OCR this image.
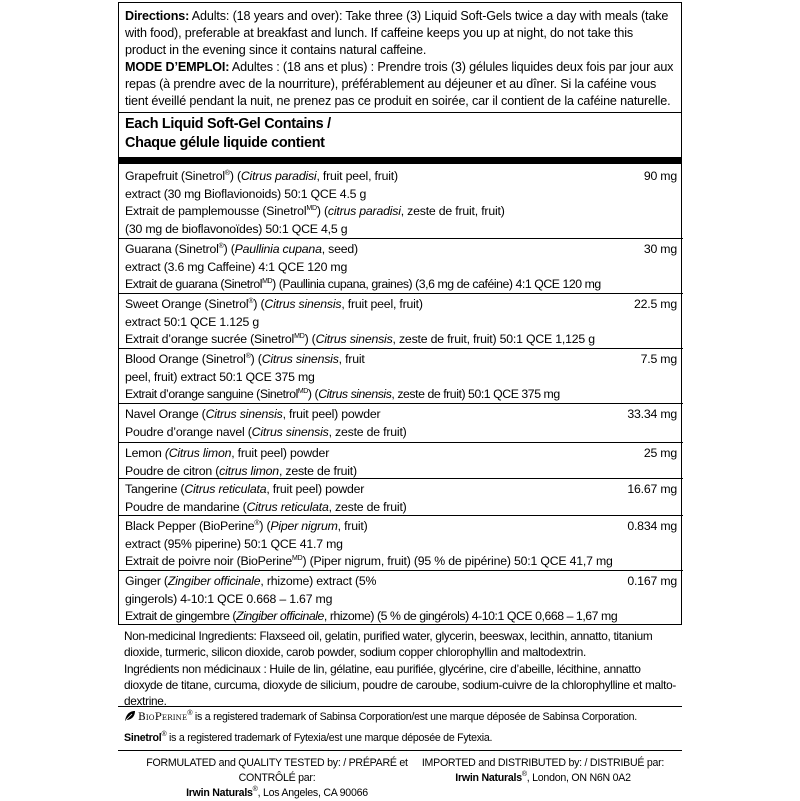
Directions: Adults: (18 years and over): Take three (3) Liquid Soft-Gels twice a day with meals (take with food), preferable at breakfast and lunch. If caffeine keeps you up at night, do not take this product in the evening since it contains natural caffeine.
MODE D’EMPLOI: Adultes : (18 ans et plus) : Prendre trois (3) gélules liquides deux fois par jour aux repas (à prendre avec de la nourriture), préférablement au déjeuner et au dîner. Si la caféine vous tient éveillé pendant la nuit, ne prenez pas ce produit en soirée, car il contient de la caféine naturelle.
Each Liquid Soft-Gel Contains /
Chaque gélule liquide contient
Grapefruit (Sinetrol®) (Citrus paradisi, fruit peel, fruit)
extract (30 mg Bioflavionoids) 50:1 QCE 4.5 g
Extrait de pamplemousse (Sinetrol$^{MD}$) (citrus paradisi, zeste de fruit, fruit)
(30 mg de bioflavonoïdes) 50:1 QCE 4,5 g
90 mg
Guarana (Sinetrol®) (Paullinia cupana, seed)
extract (3.6 mg Caffeine) 4:1 QCE 120 mg
Extrait de guarana (Sinetrol$^{MD}$) (Paullinia cupana, graines) (3,6 mg de caféine) 4:1 QCE 120 mg
30 mg
Sweet Orange (Sinetrol®) (Citrus sinensis, fruit peel, fruit)
extract 50:1 QCE 1.125 g
Extrait d’orange sucrée (Sinetrol$^{MD}$) (Citrus sinensis, zeste de fruit, fruit) 50:1 QCE 1,125 g
22.5 mg
Blood Orange (Sinetrol®) (Citrus sinensis, fruit
peel, fruit) extract 50:1 QCE 375 mg
Extrait d’orange sanguine (Sinetrol$^{MD}$) (Citrus sinensis, zeste de fruit) 50:1 QCE 375 mg
7.5 mg
Navel Orange (Citrus sinensis, fruit peel) powder
Poudre d’orange navel (Citrus sinensis, zeste de fruit)
33.34 mg
Lemon (Citrus limon, fruit peel) powder
Poudre de citron (citrus limon, zeste de fruit)
25 mg
Tangerine (Citrus reticulata, fruit peel) powder
Poudre de mandarine (Citrus reticulata, zeste de fruit)
16.67 mg
Black Pepper (BioPerine®) (Piper nigrum, fruit)
extract (95% piperine) 50:1 QCE 41.7 mg
Extrait de poivre noir (BioPerine$^{MD}$) (Piper nigrum, fruit) (95 % de pipérine) 50:1 QCE 41,7 mg
0.834 mg
Ginger (Zingiber officinale, rhizome) extract (5%
gingerols) 4-10:1 QCE 0.668 – 1.67 mg
Extrait de gingembre (Zingiber officinale, rhizome) (5 % de gingérols) 4-10:1 QCE 0,668 – 1,67 mg
0.167 mg
Non-medicinal Ingredients: Flaxseed oil, gelatin, purified water, glycerin, beeswax, lecithin, annatto, titanium dioxide, turmeric, silicon dioxide, carob powder, sodium copper chlorophyllin and maltodextrin.
Ingrédients non médicinaux : Huile de lin, gélatine, eau purifiée, glycérine, cire d’abeille, lécithine, annatto dioxyde de titane, curcuma, dioxyde de silicium, poudre de caroube, sodium-cuivre de la chlorophylline et malto-dextrine.
BioPerine® is a registered trademark of Sabinsa Corporation/est une marque déposée de Sabinsa Corporation.
Sinetrol® is a registered trademark of Fytexia/est une marque déposée de Fytexia.
FORMULATED and QUALITY TESTED by: / PRÉPARÉ et CONTRÔLÉ par:
Irwin Naturals®, Los Angeles, CA 90066
IMPORTED and DISTRIBUTED by: / DISTRIBUÉ par:
Irwin Naturals®, London, ON N6N 0A2
